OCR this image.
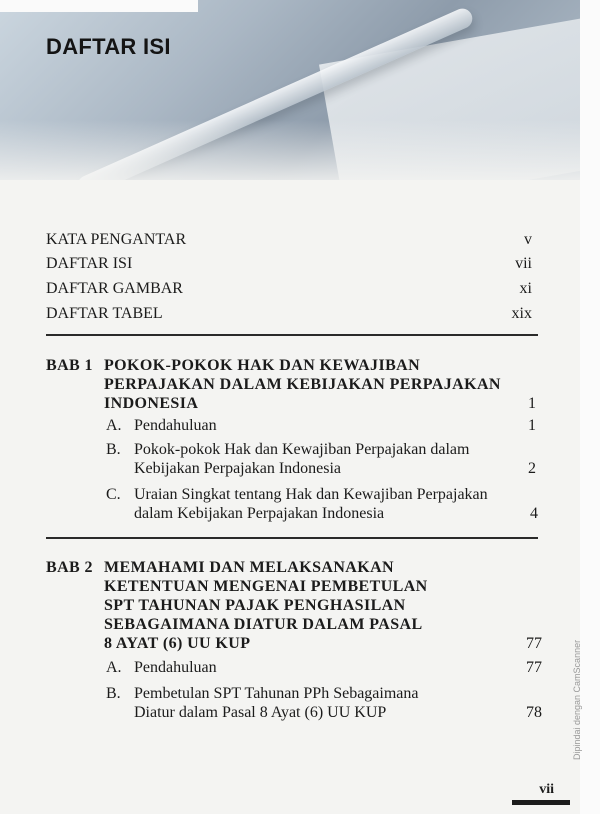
DAFTAR ISI
Dipindai dengan CamScanner
KATA PENGANTAR	v
DAFTAR ISI	vii
DAFTAR GAMBAR	xi
DAFTAR TABEL	xix
BAB 1 POKOK-POKOK HAK DAN KEWAJIBAN
PERPAJAKAN DALAM KEBIJAKAN PERPAJAKAN
INDONESIA	1
A. Pendahuluan	1
B. Pokok-pokok Hak dan Kewajiban Perpajakan dalam
Kebijakan Perpajakan Indonesia	2
C. Uraian Singkat tentang Hak dan Kewajiban Perpajakan
dalam Kebijakan Perpajakan Indonesia	4
BAB 2 MEMAHAMI DAN MELAKSANAKAN
KETENTUAN MENGENAI PEMBETULAN
SPT TAHUNAN PAJAK PENGHASILAN
SEBAGAIMANA DIATUR DALAM PASAL
8 AYAT (6) UU KUP	77
A. Pendahuluan	77
B. Pembetulan SPT Tahunan PPh Sebagaimana
Diatur dalam Pasal 8 Ayat (6) UU KUP	78
vii
